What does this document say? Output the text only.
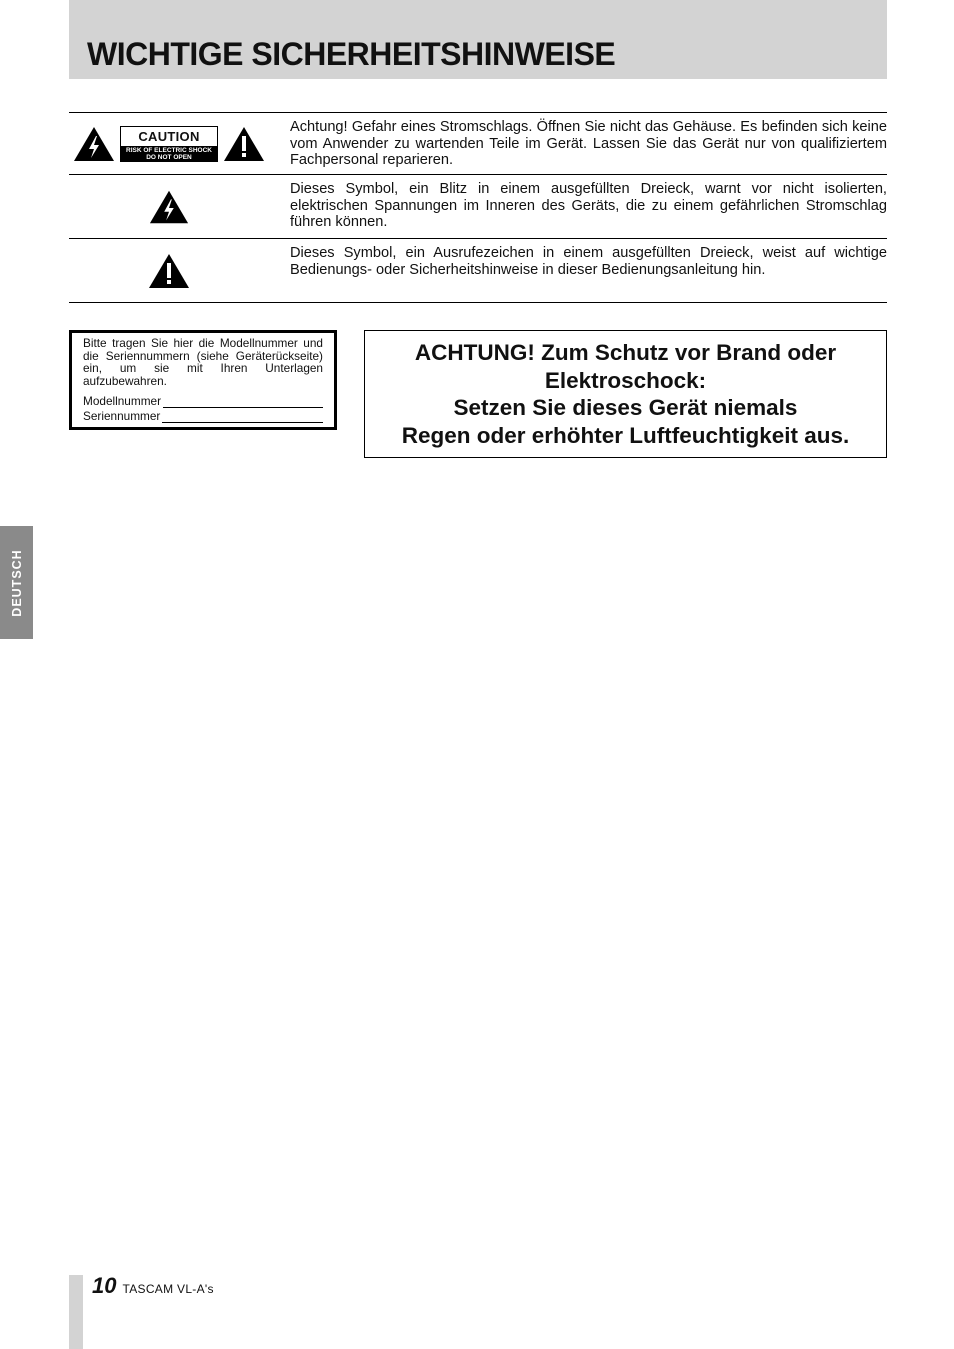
WICHTIGE SICHERHEITSHINWEISE
CAUTION
RISK OF ELECTRIC SHOCK
DO NOT OPEN
Achtung! Gefahr eines Stromschlags. Öffnen Sie nicht das Gehäuse. Es befinden sich keine vom Anwender zu wartenden Teile im Gerät. Lassen Sie das Gerät nur von qualifiziertem Fachpersonal reparieren.
Dieses Symbol, ein Blitz in einem ausgefüllten Dreieck, warnt vor nicht isolierten, elektrischen Spannungen im Inneren des Geräts, die zu einem gefährlichen Stromschlag führen können.
Dieses Symbol, ein Ausrufezeichen in einem ausgefüllten Dreieck, weist auf wichtige Bedienungs- oder Sicherheitshinweise in dieser Bedienungsanleitung hin.

Bitte tragen Sie hier die Modellnummer und die Seriennummern (siehe Geräterückseite) ein, um sie mit Ihren Unterlagen aufzubewahren.

Modellnummer
Seriennummer
ACHTUNG! Zum Schutz vor Brand oder
Elektroschock:
Setzen Sie dieses Gerät niemals
Regen oder erhöhter Luftfeuchtigkeit aus.
DEUTSCH
10 TASCAM VL-A's
